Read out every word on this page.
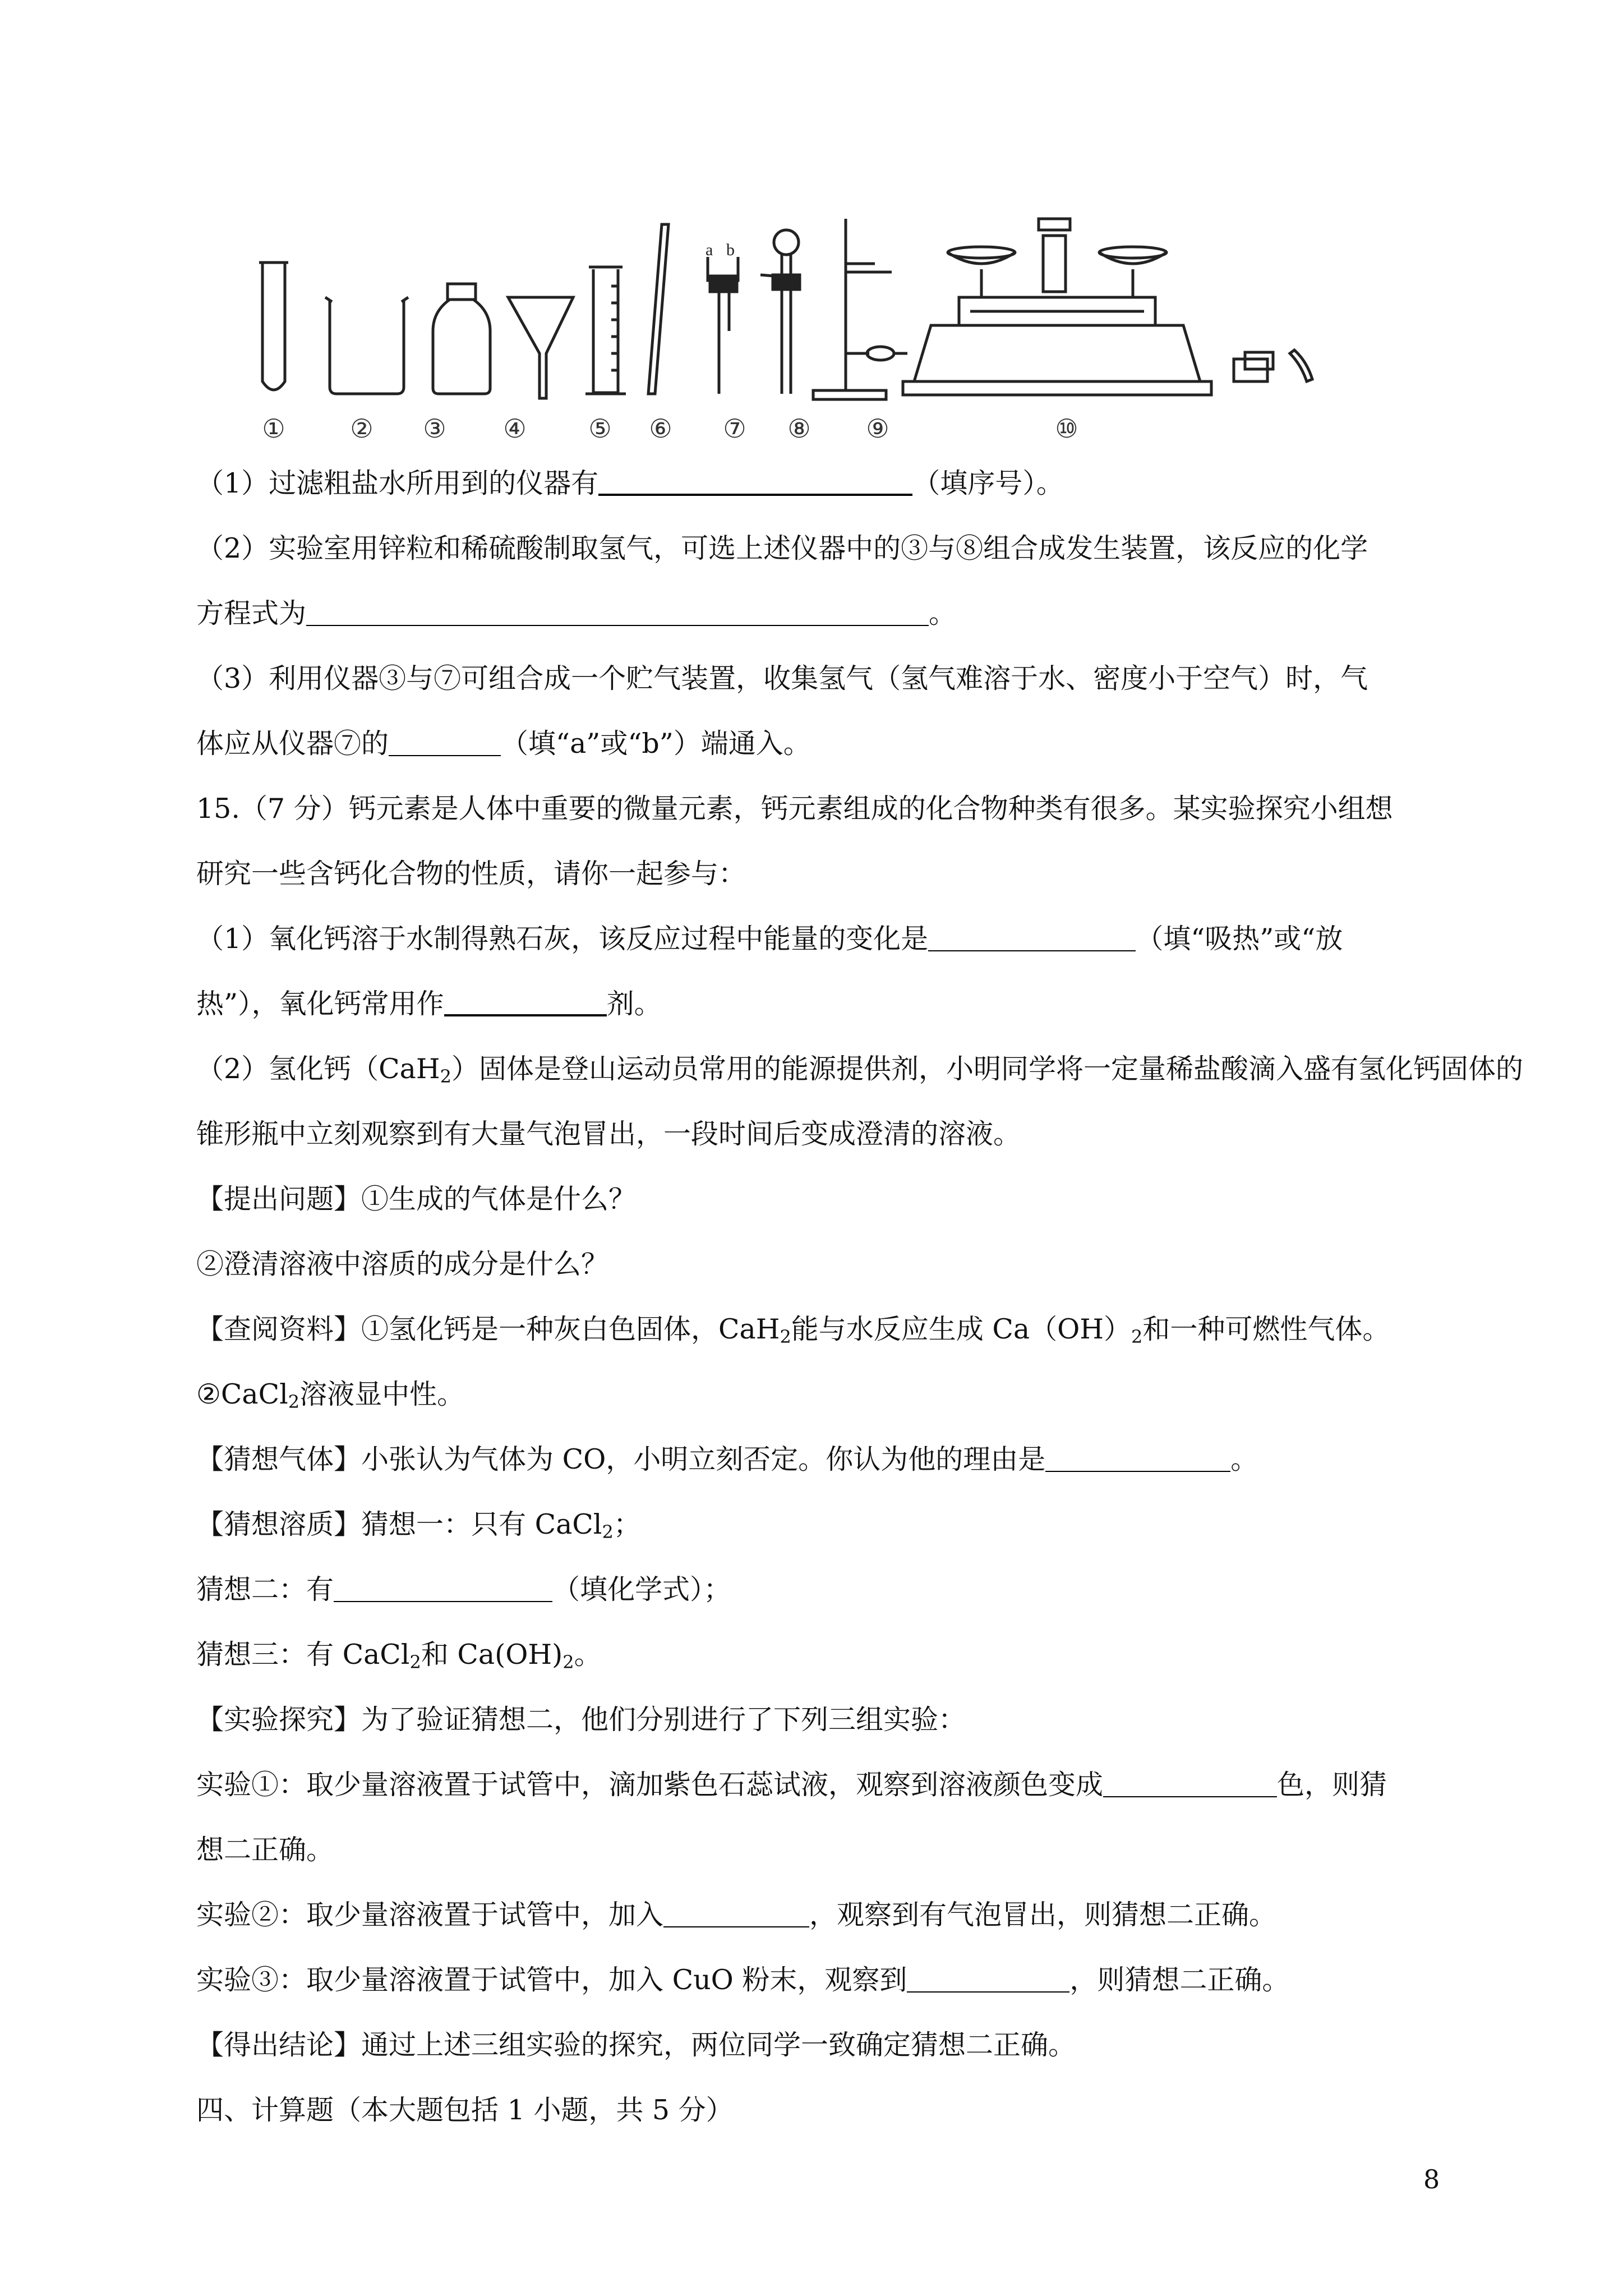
a b
①	② ③ ④ ⑤ ⑥ ⑦ ⑧ ⑨	⑩
（1）过滤粗盐水所用到的仪器有	（填序号）。
（2）实验室用锌粒和稀硫酸制取氢气，可选上述仪器中的③与⑧组合成发生装置，该反应的化学
方程式为	。
（3）利用仪器③与⑦可组合成一个贮气装置，收集氢气（氢气难溶于水、密度小于空气）时，气
体应从仪器⑦的	（填“a”或“b”）端通入。
15.（7 分）钙元素是人体中重要的微量元素，钙元素组成的化合物种类有很多。某实验探究小组想
研究一些含钙化合物的性质，请你一起参与：
（1）氧化钙溶于水制得熟石灰，该反应过程中能量的变化是	（填“吸热”或“放
热”），氧化钙常用作	剂。
（2）氢化钙（CaH$_2$）固体是登山运动员常用的能源提供剂，小明同学将一定量稀盐酸滴入盛有氢化钙固体的
锥形瓶中立刻观察到有大量气泡冒出，一段时间后变成澄清的溶液。
【提出问题】①生成的气体是什么？
②澄清溶液中溶质的成分是什么？
【查阅资料】①氢化钙是一种灰白色固体，CaH$_2$能与水反应生成 $Ca(OH)_2$和一种可燃性气体。
②CaCl$_2$溶液显中性。
【猜想气体】小张认为气体为 CO，小明立刻否定。你认为他的理由是	。
【猜想溶质】猜想一：只有 CaCl$_2$；
猜想二：有	（填化学式）；
猜想三：有 CaCl$_2$和 $Ca(OH)_2$。
【实验探究】为了验证猜想二，他们分别进行了下列三组实验：
实验①：取少量溶液置于试管中，滴加紫色石蕊试液，观察到溶液颜色变成	色，则猜
想二正确。
实验②：取少量溶液置于试管中，加入	，观察到有气泡冒出，则猜想二正确。
实验③：取少量溶液置于试管中，加入 CuO 粉末，观察到	，则猜想二正确。
【得出结论】通过上述三组实验的探究，两位同学一致确定猜想二正确。
四、计算题（本大题包括 1 小题，共 5 分）
8
